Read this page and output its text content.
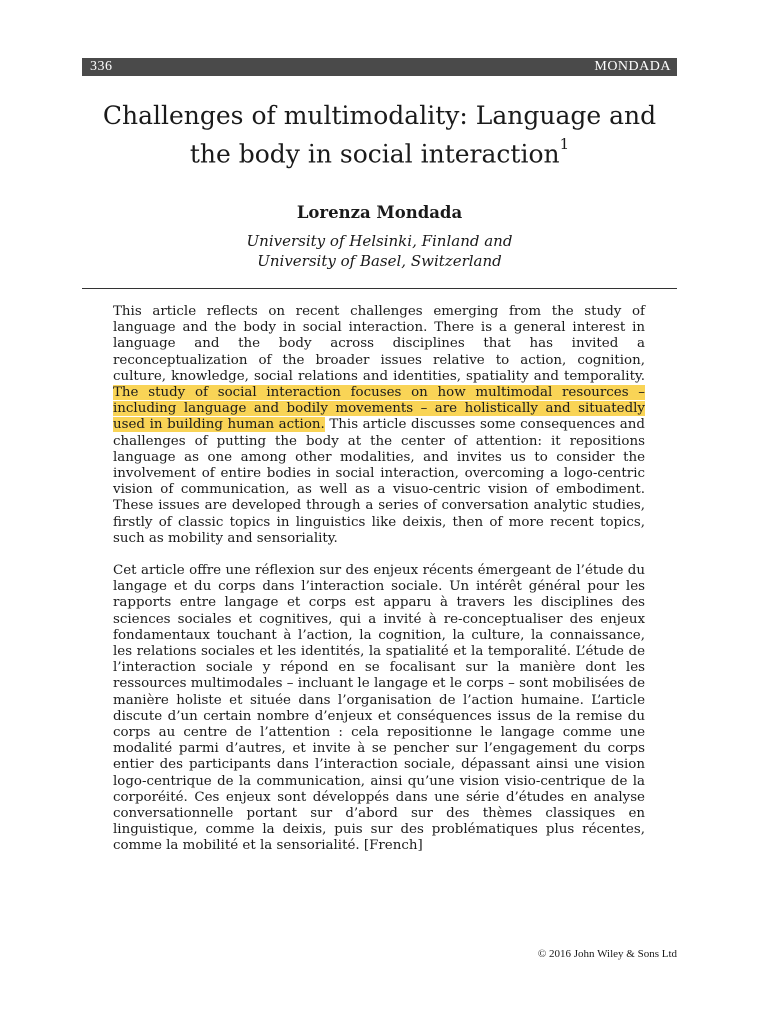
336	MONDADA
Challenges of multimodality: Language and the body in social interaction$^1$
Lorenza Mondada
University of Helsinki, Finland and
University of Basel, Switzerland

This article reflects on recent challenges emerging from the study of language and the body in social interaction. There is a general interest in language and the body across disciplines that has invited a reconceptualization of the broader issues relative to action, cognition, culture, knowledge, social relations and identities, spatiality and temporality. The study of social interaction focuses on how multimodal resources – including language and bodily movements – are holistically and situatedly used in building human action. This article discusses some consequences and challenges of putting the body at the center of attention: it repositions language as one among other modalities, and invites us to consider the involvement of entire bodies in social interaction, overcoming a logo-centric vision of communication, as well as a visuo-centric vision of embodiment. These issues are developed through a series of conversation analytic studies, firstly of classic topics in linguistics like deixis, then of more recent topics, such as mobility and sensoriality.

Cet article offre une réflexion sur des enjeux récents émergeant de l’étude du langage et du corps dans l’interaction sociale. Un intérêt général pour les rapports entre langage et corps est apparu à travers les disciplines des sciences sociales et cognitives, qui a invité à re-conceptualiser des enjeux fondamentaux touchant à l’action, la cognition, la culture, la connaissance, les relations sociales et les identités, la spatialité et la temporalité. L’étude de l’interaction sociale y répond en se focalisant sur la manière dont les ressources multimodales – incluant le langage et le corps – sont mobilisées de manière holiste et située dans l’organisation de l’action humaine. L’article discute d’un certain nombre d’enjeux et conséquences issus de la remise du corps au centre de l’attention : cela repositionne le langage comme une modalité parmi d’autres, et invite à se pencher sur l’engagement du corps entier des participants dans l’interaction sociale, dépassant ainsi une vision logo-centrique de la communication, ainsi qu’une vision visio-centrique de la corporéité. Ces enjeux sont développés dans une série d’études en analyse conversationnelle portant sur d’abord sur des thèmes classiques en linguistique, comme la deixis, puis sur des problématiques plus récentes, comme la mobilité et la sensorialité. [French]

© 2016 John Wiley & Sons Ltd
